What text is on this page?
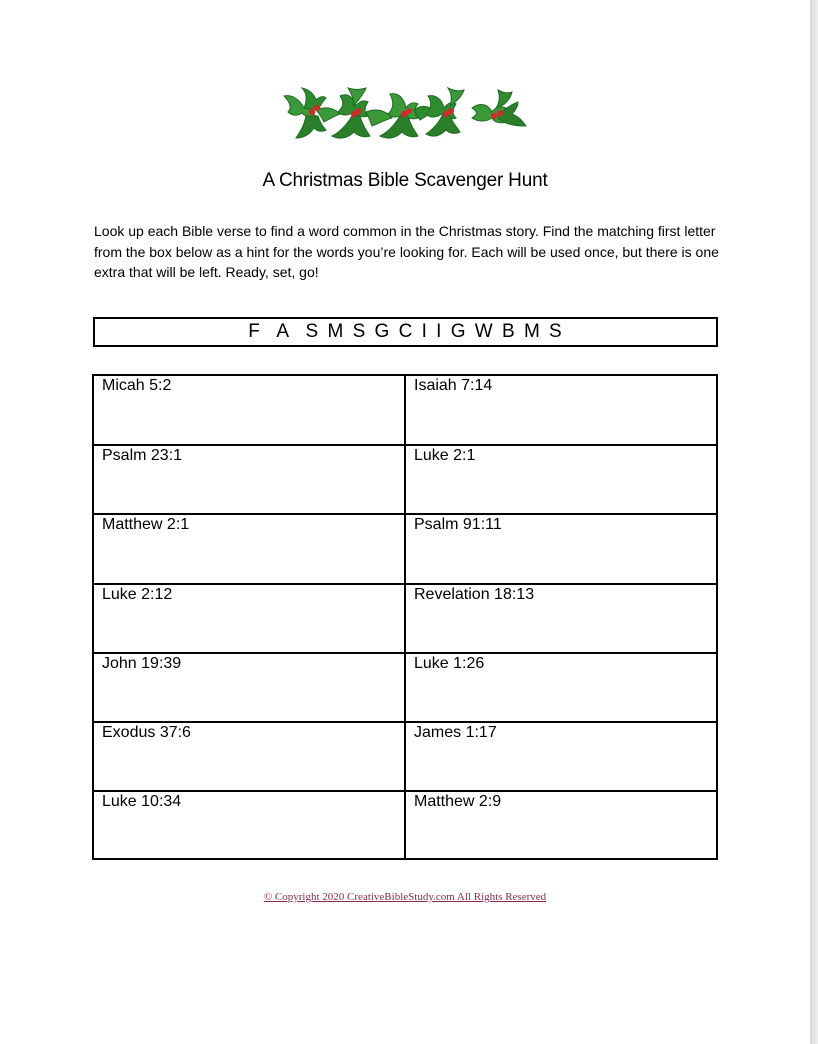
A Christmas Bible Scavenger Hunt
Look up each Bible verse to find a word common in the Christmas story. Find the matching first letter from the box below as a hint for the words you’re looking for. Each will be used once, but there is one extra that will be left. Ready, set, go!
F  A  S M S G C I I G W B M S
Micah 5:2	Isaiah 7:14
Psalm 23:1	Luke 2:1
Matthew 2:1	Psalm 91:11
Luke 2:12	Revelation 18:13
John 19:39	Luke 1:26
Exodus 37:6	James 1:17
Luke 10:34	Matthew 2:9
© Copyright 2020 CreativeBibleStudy.com All Rights Reserved
